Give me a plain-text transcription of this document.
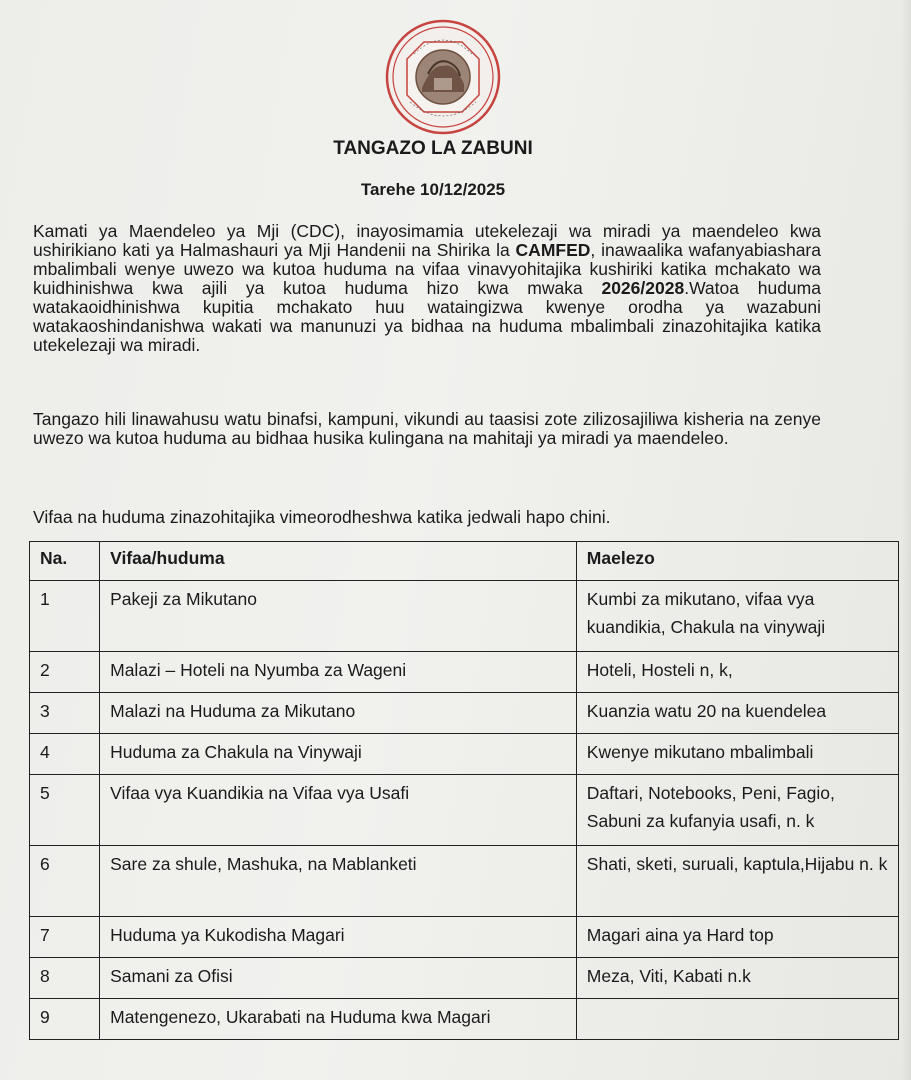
TANGAZO LA ZABUNI
Tarehe 10/12/2025
Kamati ya Maendeleo ya Mji (CDC), inayosimamia utekelezaji wa miradi ya maendeleo kwa ushirikiano kati ya Halmashauri ya Mji Handenii na Shirika la CAMFED, inawaalika wafanyabiashara mbalimbali wenye uwezo wa kutoa huduma na vifaa vinavyohitajika kushiriki katika mchakato wa kuidhinishwa kwa ajili ya kutoa huduma hizo kwa mwaka 2026/2028.Watoa huduma watakaoidhinishwa kupitia mchakato huu wataingizwa kwenye orodha ya wazabuni watakaoshindanishwa wakati wa manunuzi ya bidhaa na huduma mbalimbali zinazohitajika katika utekelezaji wa miradi.
Tangazo hili linawahusu watu binafsi, kampuni, vikundi au taasisi zote zilizosajiliwa kisheria na zenye uwezo wa kutoa huduma au bidhaa husika kulingana na mahitaji ya miradi ya maendeleo.
Vifaa na huduma zinazohitajika vimeorodheshwa katika jedwali hapo chini.
Na.	Vifaa/huduma	Maelezo
1	Pakeji za Mikutano	Kumbi za mikutano, vifaa vya kuandikia, Chakula na vinywaji
2	Malazi – Hoteli na Nyumba za Wageni	Hoteli, Hosteli n, k,
3	Malazi na Huduma za Mikutano	Kuanzia watu 20 na kuendelea
4	Huduma za Chakula na Vinywaji	Kwenye mikutano mbalimbali
5	Vifaa vya Kuandikia na Vifaa vya Usafi	Daftari, Notebooks, Peni, Fagio, Sabuni za kufanyia usafi, n. k
6	Sare za shule, Mashuka, na Mablanketi	Shati, sketi, suruali, kaptula,Hijabu n. k
7	Huduma ya Kukodisha Magari	Magari aina ya Hard top
8	Samani za Ofisi	Meza, Viti, Kabati n.k
9	Matengenezo, Ukarabati na Huduma kwa Magari	
